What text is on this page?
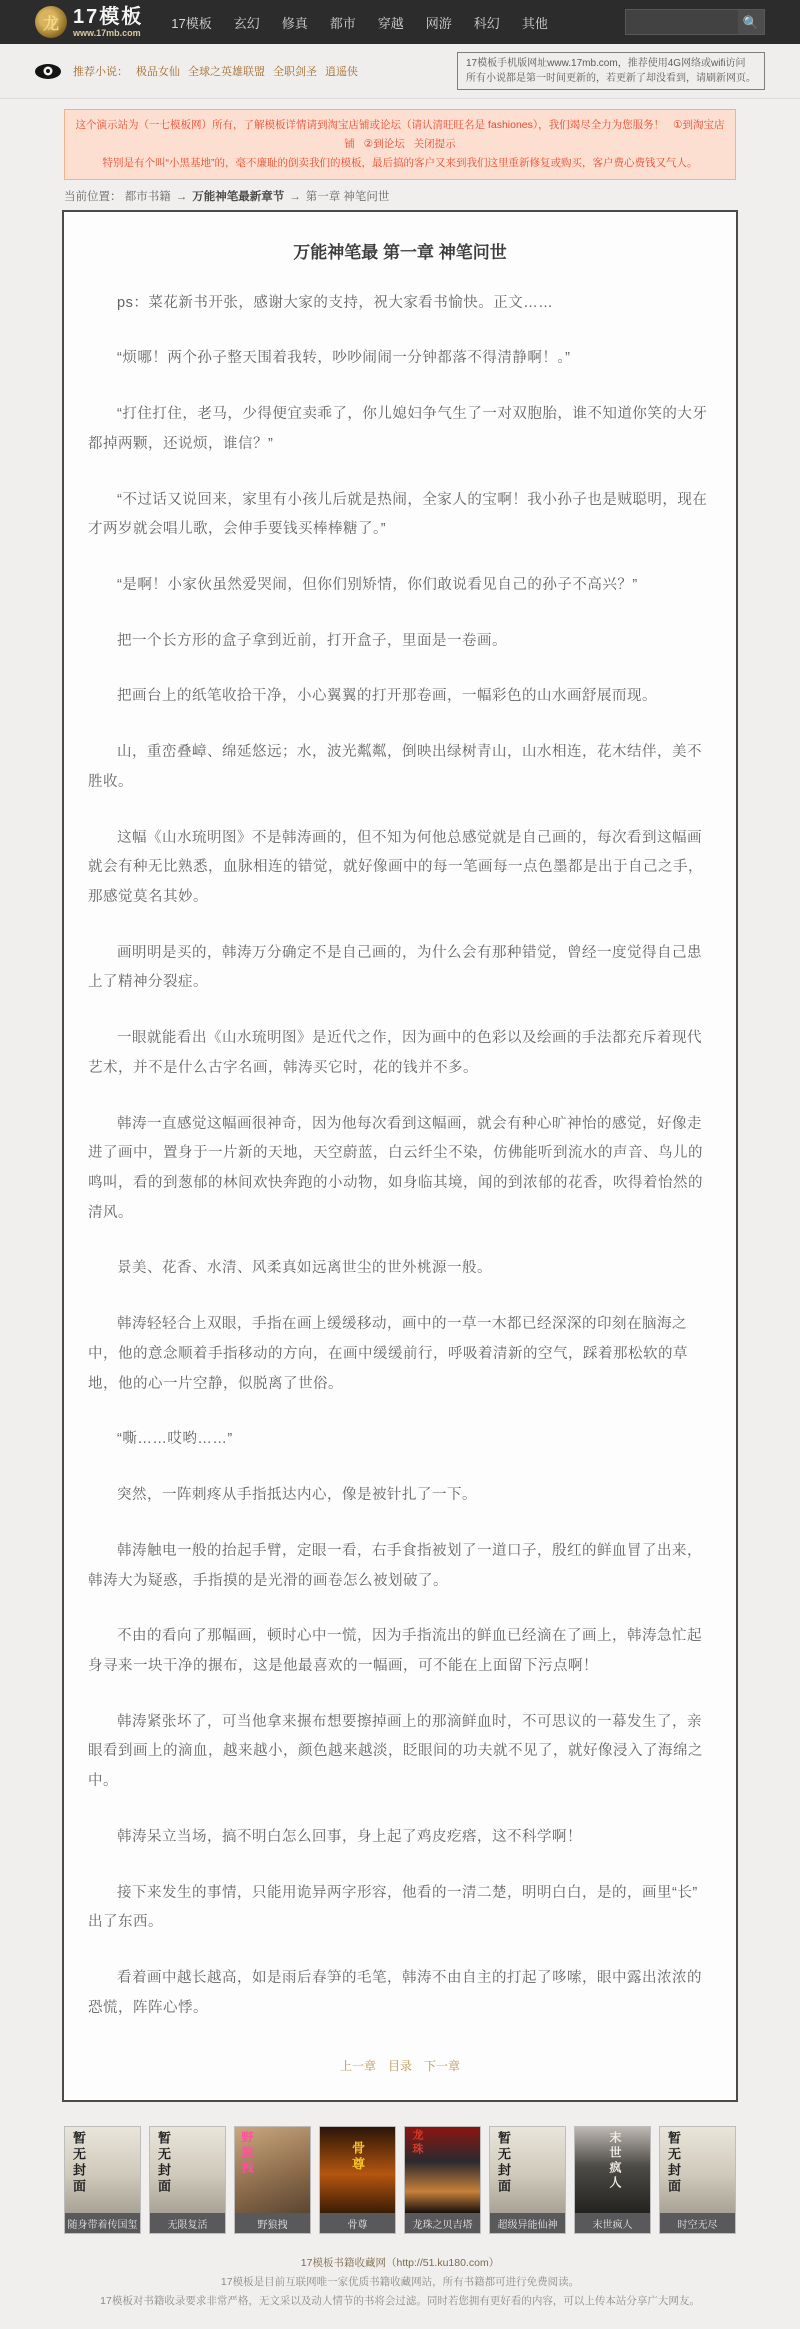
龙 17模板
www.17mb.com
17模板 玄幻 修真 都市 穿越 网游 科幻 其他	🔍
推荐小说： 极品女仙 全球之英雄联盟 全职剑圣 逍遥侠
17模板手机版网址www.17mb.com，推荐使用4G网络或wifi访问
所有小说都是第一时间更新的，若更新了却没看到，请刷新网页。
这个演示站为（一七模板网）所有，了解模板详情请到淘宝店铺或论坛（请认清旺旺名是 fashiones），我们竭尽全力为您服务！ ①到淘宝店铺 ②到论坛 关闭提示
特别是有个叫“小黑基地”的，毫不廉耻的倒卖我们的模板，最后搞的客户又来到我们这里重新修复或购买，客户费心费钱又气人。
当前位置： 都市书籍 → 万能神笔最新章节 → 第一章 神笔问世
万能神笔最 第一章 神笔问世

ps：菜花新书开张，感谢大家的支持，祝大家看书愉快。正文……

“烦哪！两个孙子整天围着我转，吵吵闹闹一分钟都落不得清静啊！。”

“打住打住，老马，少得便宜卖乖了，你儿媳妇争气生了一对双胞胎，谁不知道你笑的大牙都掉两颗，还说烦，谁信？”

“不过话又说回来，家里有小孩儿后就是热闹，全家人的宝啊！我小孙子也是贼聪明，现在才两岁就会唱儿歌，会伸手要钱买棒棒糖了。”

“是啊！小家伙虽然爱哭闹，但你们别矫情，你们敢说看见自己的孙子不高兴？”

把一个长方形的盒子拿到近前，打开盒子，里面是一卷画。

把画台上的纸笔收拾干净，小心翼翼的打开那卷画，一幅彩色的山水画舒展而现。

山，重峦叠嶂、绵延悠远；水，波光粼粼，倒映出绿树青山，山水相连，花木结伴，美不胜收。

这幅《山水琉明图》不是韩涛画的，但不知为何他总感觉就是自己画的，每次看到这幅画就会有种无比熟悉，血脉相连的错觉，就好像画中的每一笔画每一点色墨都是出于自己之手，那感觉莫名其妙。

画明明是买的，韩涛万分确定不是自己画的，为什么会有那种错觉，曾经一度觉得自己患上了精神分裂症。

一眼就能看出《山水琉明图》是近代之作，因为画中的色彩以及绘画的手法都充斥着现代艺术，并不是什么古字名画，韩涛买它时，花的钱并不多。

韩涛一直感觉这幅画很神奇，因为他每次看到这幅画，就会有种心旷神怡的感觉，好像走进了画中，置身于一片新的天地，天空蔚蓝，白云纤尘不染，仿佛能听到流水的声音、鸟儿的鸣叫，看的到葱郁的林间欢快奔跑的小动物，如身临其境，闻的到浓郁的花香，吹得着怡然的清风。

景美、花香、水清、风柔真如远离世尘的世外桃源一般。

韩涛轻轻合上双眼，手指在画上缓缓移动，画中的一草一木都已经深深的印刻在脑海之中，他的意念顺着手指移动的方向，在画中缓缓前行，呼吸着清新的空气，踩着那松软的草地，他的心一片空静，似脱离了世俗。

“嘶……哎哟……”

突然，一阵刺疼从手指抵达内心，像是被针扎了一下。

韩涛触电一般的抬起手臂，定眼一看，右手食指被划了一道口子，殷红的鲜血冒了出来，韩涛大为疑惑，手指摸的是光滑的画卷怎么被划破了。

不由的看向了那幅画，顿时心中一慌，因为手指流出的鲜血已经滴在了画上，韩涛急忙起身寻来一块干净的搌布，这是他最喜欢的一幅画，可不能在上面留下污点啊！

韩涛紧张坏了，可当他拿来搌布想要擦掉画上的那滴鲜血时，不可思议的一幕发生了，亲眼看到画上的滴血，越来越小，颜色越来越淡，眨眼间的功夫就不见了，就好像浸入了海绵之中。

韩涛呆立当场，搞不明白怎么回事，身上起了鸡皮疙瘩，这不科学啊！

接下来发生的事情，只能用诡异两字形容，他看的一清二楚，明明白白，是的，画里“长”出了东西。

看着画中越长越高，如是雨后春笋的毛笔，韩涛不由自主的打起了哆嗦，眼中露出浓浓的恐慌，阵阵心悸。

上一章 目录 下一章
暂无封面
随身带着传国玺
暂无封面
无限复活
野狼拽
野狼拽
骨尊
骨尊
龙珠
龙珠之贝吉塔
暂无封面
超级异能仙神
末世疯人
末世疯人
暂无封面
时空无尽
17模板书籍收藏网（http://51.ku180.com）
17模板是目前互联网唯一家优质书籍收藏网站，所有书籍都可进行免费阅读。
17模板对书籍收录要求非常严格，无文采以及动人情节的书将会过滤。同时若您拥有更好看的内容，可以上传本站分享广大网友。
